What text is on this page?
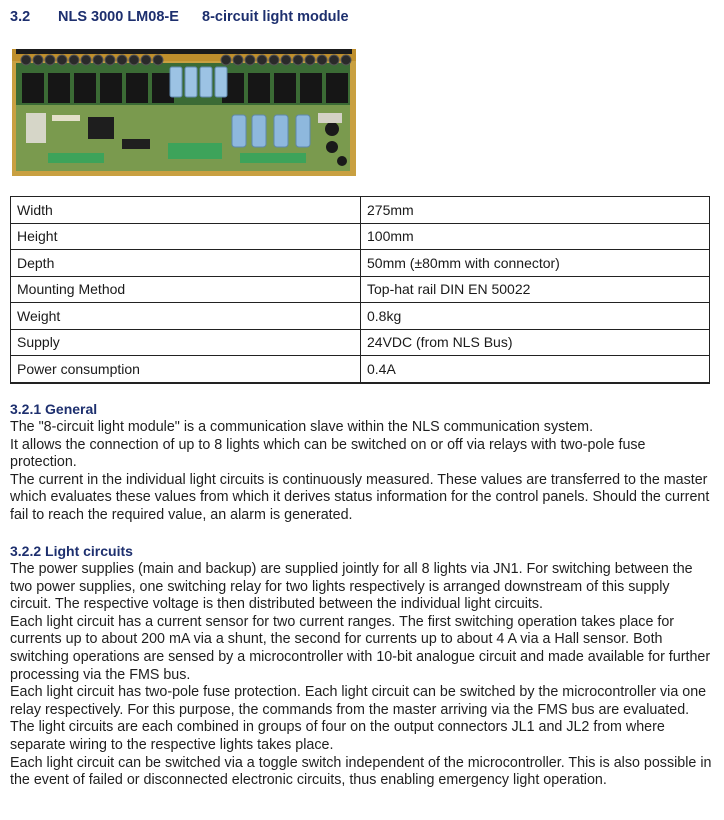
3.2 NLS 3000 LM08-E 8-circuit light module
Width	275mm
Height	100mm
Depth	50mm (±80mm with connector)
Mounting Method	Top-hat rail DIN EN 50022
Weight	0.8kg
Supply	24VDC (from NLS Bus)
Power consumption	0.4A
3.2.1 General

The "8-circuit light module" is a communication slave within the NLS communication system.

It allows the connection of up to 8 lights which can be switched on or off via relays with two-pole fuse protection.

The current in the individual light circuits is continuously measured. These values are transferred to the master which evaluates these values from which it derives status information for the control panels. Should the current fail to reach the required value, an alarm is generated.

3.2.2 Light circuits

The power supplies (main and backup) are supplied jointly for all 8 lights via JN1. For switching between the two power supplies, one switching relay for two lights respectively is arranged downstream of this supply circuit. The respective voltage is then distributed between the individual light circuits.

Each light circuit has a current sensor for two current ranges. The first switching operation takes place for currents up to about 200 mA via a shunt, the second for currents up to about 4 A via a Hall sensor. Both switching operations are sensed by a microcontroller with 10-bit analogue circuit and made available for further processing via the FMS bus.

Each light circuit has two-pole fuse protection. Each light circuit can be switched by the microcontroller via one relay respectively. For this purpose, the commands from the master arriving via the FMS bus are evaluated.

The light circuits are each combined in groups of four on the output connectors JL1 and JL2 from where separate wiring to the respective lights takes place.

Each light circuit can be switched via a toggle switch independent of the microcontroller. This is also possible in the event of failed or disconnected electronic circuits, thus enabling emergency light operation.
